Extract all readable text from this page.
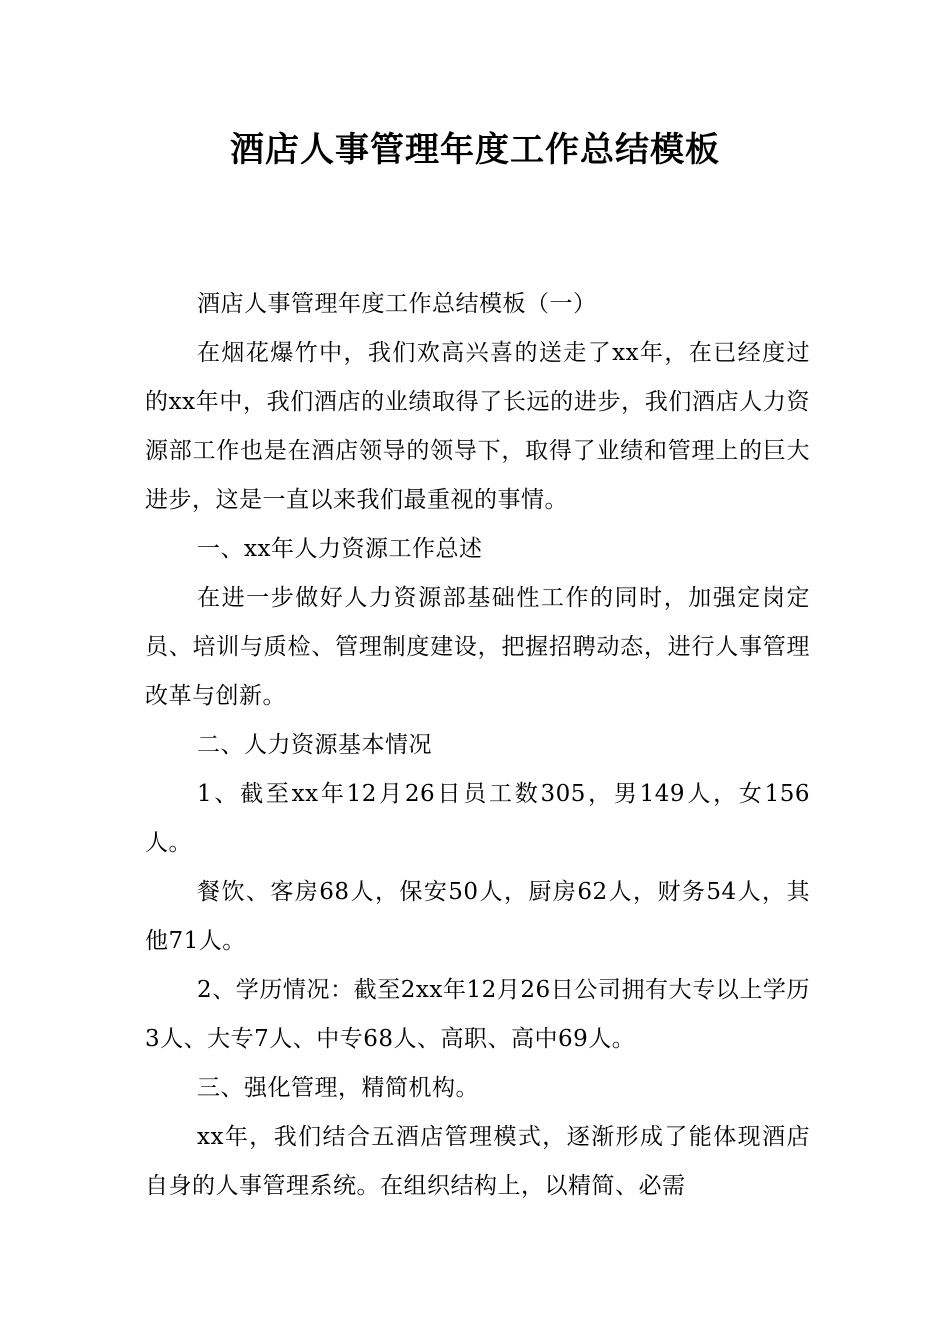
酒店人事管理年度工作总结模板

酒店人事管理年度工作总结模板（一）

在烟花爆竹中，我们欢高兴喜的送走了xx年，在已经度过的xx年中，我们酒店的业绩取得了长远的进步，我们酒店人力资源部工作也是在酒店领导的领导下，取得了业绩和管理上的巨大进步，这是一直以来我们最重视的事情。

一、xx年人力资源工作总述

在进一步做好人力资源部基础性工作的同时，加强定岗定员、培训与质检、管理制度建设，把握招聘动态，进行人事管理改革与创新。

二、人力资源基本情况

1、截至xx年12月26日员工数305，男149人，女156人。

餐饮、客房68人，保安50人，厨房62人，财务54人，其他71人。

2、学历情况：截至2xx年12月26日公司拥有大专以上学历3人、大专7人、中专68人、高职、高中69人。

三、强化管理，精简机构。

xx年，我们结合五酒店管理模式，逐渐形成了能体现酒店自身的人事管理系统。在组织结构上，以精简、必需
